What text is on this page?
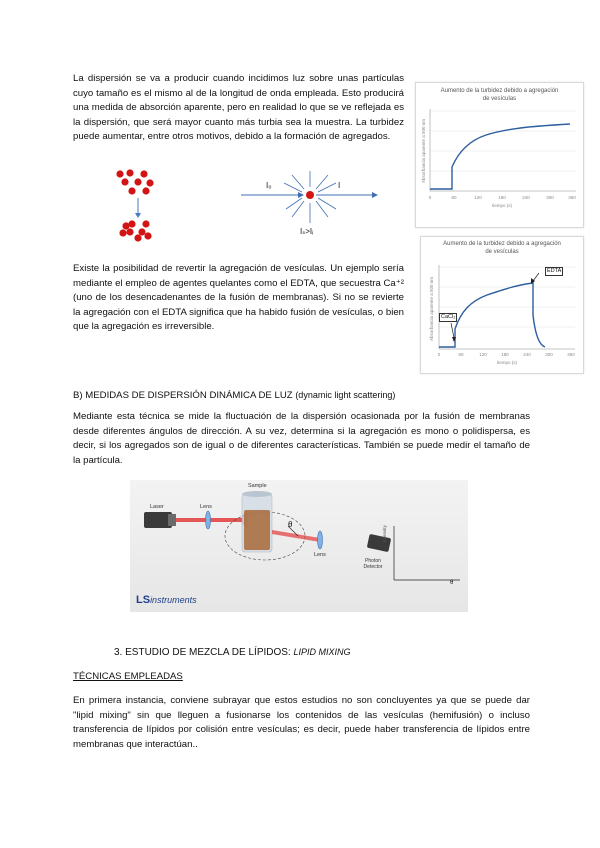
La dispersión se va a producir cuando incidimos luz sobre unas partículas cuyo tamaño es el mismo al de la longitud de onda empleada. Esto producirá una medida de absorción aparente, pero en realidad lo que se ve reflejada es la dispersión, que será mayor cuanto más turbia sea la muestra. La turbidez puede aumentar, entre otros motivos, debido a la formación de agregados.

I₀	I
Iₛ>Iᵢ
Aumento de la turbidez debido a agregación de vesículas
0	60	120	180	240	300	360
tiempo (s)
Absorbancia aparente a 500 nm

Existe la posibilidad de revertir la agregación de vesículas. Un ejemplo sería mediante el empleo de agentes quelantes como el EDTA, que secuestra Ca⁺² (uno de los desencadenantes de la fusión de membranas). Si no se revierte la agregación con el EDTA significa que ha habido fusión de vesículas, o bien que la agregación es irreversible.

Aumento de la turbidez debido a agregación de vesículas
0	60	120	180	240	300	360
tiempo (s)
Absorbancia aparente a 500 nm	CaCl₂
EDTA
B) MEDIDAS DE DISPERSIÓN DINÁMICA DE LUZ (dynamic light scattering)

Mediante esta técnica se mide la fluctuación de la dispersión ocasionada por la fusión de membranas desde diferentes ángulos de dirección. A su vez, determina si la agregación es mono o polidispersa, es decir, si los agregados son de igual o de diferentes características. También se puede medir el tamaño de la partícula.

Laser	Lens
Sample
θ
Lens
Photon Detector
Intensity
θ
LSinstruments
3. ESTUDIO DE MEZCLA DE LÍPIDOS: LIPID MIXING
TÉCNICAS EMPLEADAS

En primera instancia, conviene subrayar que estos estudios no son concluyentes ya que se puede dar "lipid mixing" sin que lleguen a fusionarse los contenidos de las vesículas (hemifusión) o incluso transferencia de lípidos por colisión entre vesículas; es decir, puede haber transferencia de lípidos entre membranas que interactúan..
